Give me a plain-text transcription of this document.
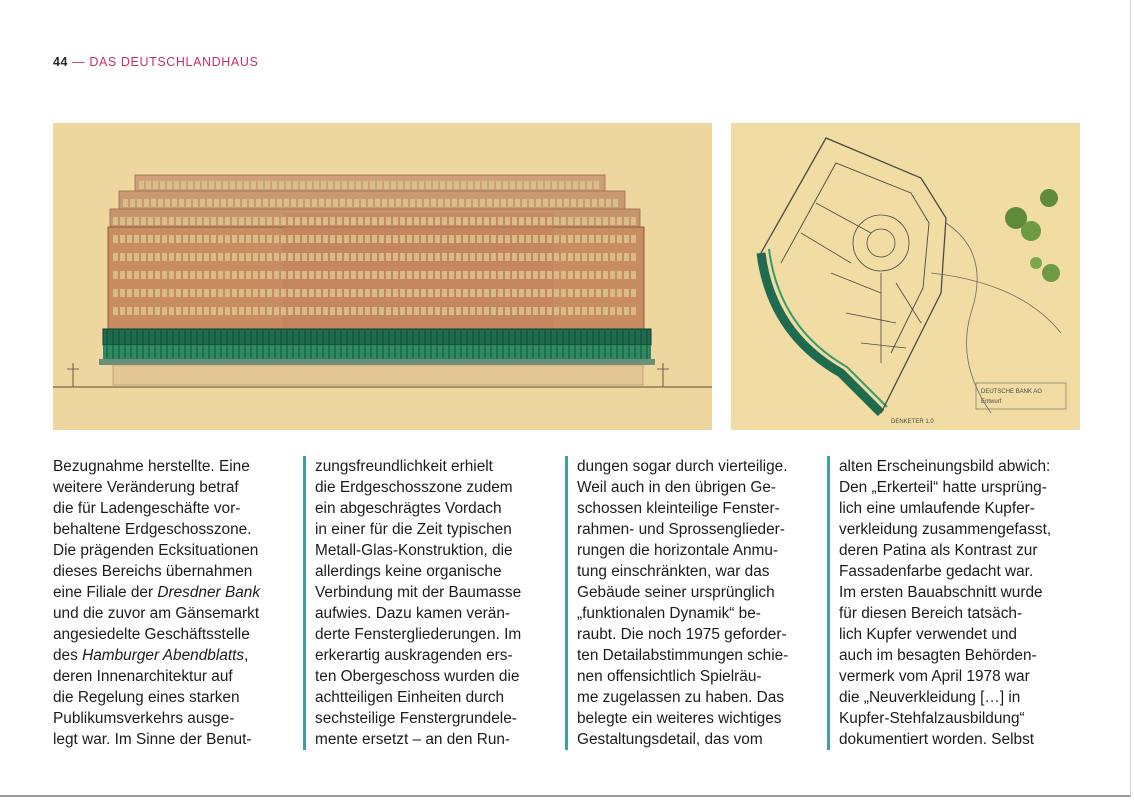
44 — DAS DEUTSCHLANDHAUS
DEUTSCHE BANK AG
Entwurf
DENKETER 1.0

Bezugnahme herstellte. Eine
weitere Veränderung betraf
die für Ladengeschäfte vor-
behaltene Erdgeschosszone.
Die prägenden Ecksituationen
dieses Bereichs übernahmen
eine Filiale der Dresdner Bank
und die zuvor am Gänsemarkt
angesiedelte Geschäftsstelle
des Hamburger Abendblatts,
deren Innenarchitektur auf
die Regelung eines starken
Publikumsverkehrs ausge-
legt war. Im Sinne der Benut-

zungsfreundlichkeit erhielt
die Erdgeschosszone zudem
ein abgeschrägtes Vordach
in einer für die Zeit typischen
Metall-Glas-Konstruktion, die
allerdings keine organische
Verbindung mit der Baumasse
aufwies. Dazu kamen verän-
derte Fenstergliederungen. Im
erkerartig auskragenden ers-
ten Obergeschoss wurden die
achtteiligen Einheiten durch
sechsteilige Fenstergrundele-
mente ersetzt – an den Run-

dungen sogar durch vierteilige.
Weil auch in den übrigen Ge-
schossen kleinteilige Fenster-
rahmen- und Sprossenglieder-
rungen die horizontale Anmu-
tung einschränkten, war das
Gebäude seiner ursprünglich
„funktionalen Dynamik“ be-
raubt. Die noch 1975 geforder-
ten Detailabstimmungen schie-
nen offensichtlich Spielräu-
me zugelassen zu haben. Das
belegte ein weiteres wichtiges
Gestaltungsdetail, das vom

alten Erscheinungsbild abwich:
Den „Erkerteil“ hatte ursprüng-
lich eine umlaufende Kupfer-
verkleidung zusammengefasst,
deren Patina als Kontrast zur
Fassadenfarbe gedacht war.
Im ersten Bauabschnitt wurde
für diesen Bereich tatsäch-
lich Kupfer verwendet und
auch im besagten Behörden-
vermerk vom April 1978 war
die „Neuverkleidung […] in
Kupfer-Stehfalzausbildung“
dokumentiert worden. Selbst
